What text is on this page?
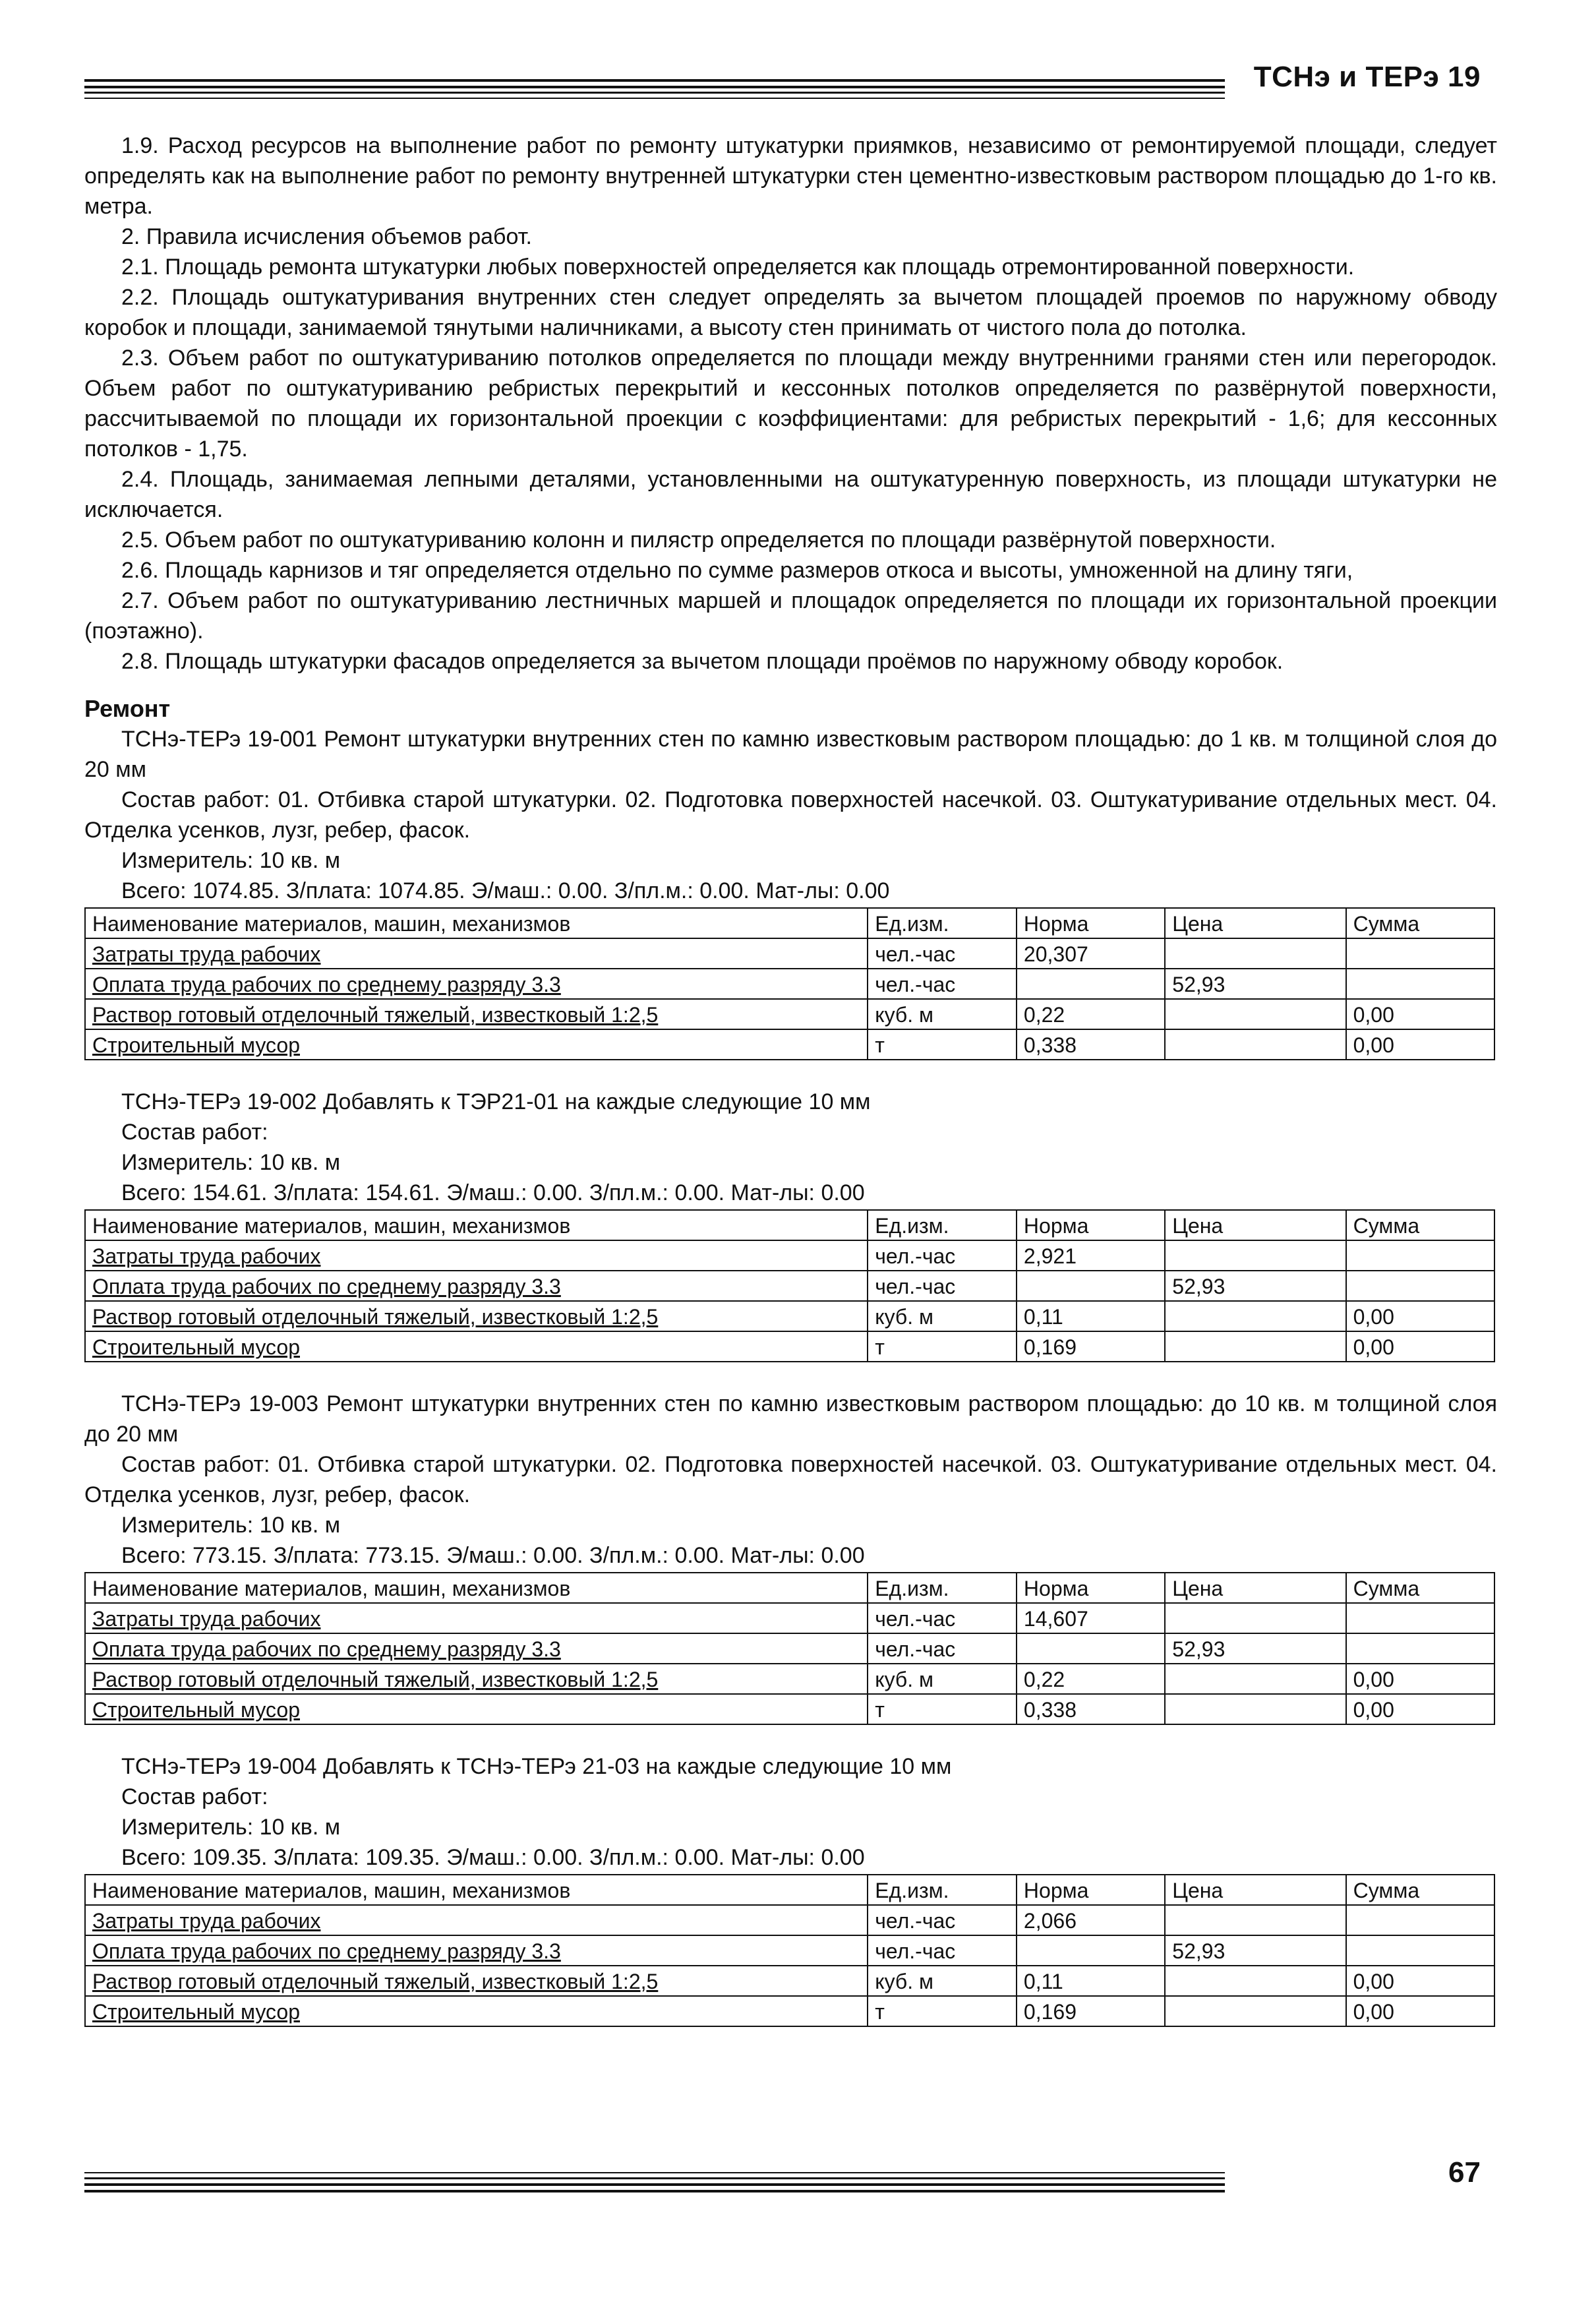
ТСНэ и ТЕРэ 19

1.9. Расход ресурсов на выполнение работ по ремонту штукатурки приямков, независимо от ремонтируемой площади, следует определять как на выполнение работ по ремонту внутренней штукатурки стен цементно-известковым раствором площадью до 1-го кв. метра.

2. Правила исчисления объемов работ.

2.1. Площадь ремонта штукатурки любых поверхностей определяется как площадь отремонтированной поверхности.

2.2. Площадь оштукатуривания внутренних стен следует определять за вычетом площадей проемов по наружному обводу коробок и площади, занимаемой тянутыми наличниками, а высоту стен принимать от чистого пола до потолка.

2.3. Объем работ по оштукатуриванию потолков определяется по площади между внутренними гранями стен или перегородок. Объем работ по оштукатуриванию ребристых перекрытий и кессонных потолков определяется по развёрнутой поверхности, рассчитываемой по площади их горизонтальной проекции с коэффициентами: для ребристых перекрытий - 1,6; для кессонных потолков - 1,75.

2.4. Площадь, занимаемая лепными деталями, установленными на оштукатуренную поверхность, из площади штукатурки не исключается.

2.5. Объем работ по оштукатуриванию колонн и пилястр определяется по площади развёрнутой поверхности.

2.6. Площадь карнизов и тяг определяется отдельно по сумме размеров откоса и высоты, умноженной на длину тяги,

2.7. Объем работ по оштукатуриванию лестничных маршей и площадок определяется по площади их горизонтальной проекции (поэтажно).

2.8. Площадь штукатурки фасадов определяется за вычетом площади проёмов по наружному обводу коробок.

Ремонт

ТСНэ-ТЕРэ 19-001 Ремонт штукатурки внутренних стен по камню известковым раствором площадью: до 1 кв. м толщиной слоя до 20 мм

Состав работ: 01. Отбивка старой штукатурки. 02. Подготовка поверхностей насечкой. 03. Оштукатуривание отдельных мест. 04. Отделка усенков, лузг, ребер, фасок.

Измеритель: 10 кв. м

Всего: 1074.85. З/плата: 1074.85. Э/маш.: 0.00. З/пл.м.: 0.00. Мат-лы: 0.00

Наименование материалов, машин, механизмов	Ед.изм.	Норма	Цена	Сумма
Затраты труда рабочих	чел.-час	20,307		
Оплата труда рабочих по среднему разряду 3.3	чел.-час		52,93	
Раствор готовый отделочный тяжелый, известковый 1:2,5	куб. м	0,22		0,00
Строительный мусор	т	0,338		0,00

ТСНэ-ТЕРэ 19-002 Добавлять к ТЭР21-01 на каждые следующие 10 мм

Состав работ:

Измеритель: 10 кв. м

Всего: 154.61. З/плата: 154.61. Э/маш.: 0.00. З/пл.м.: 0.00. Мат-лы: 0.00

Наименование материалов, машин, механизмов	Ед.изм.	Норма	Цена	Сумма
Затраты труда рабочих	чел.-час	2,921		
Оплата труда рабочих по среднему разряду 3.3	чел.-час		52,93	
Раствор готовый отделочный тяжелый, известковый 1:2,5	куб. м	0,11		0,00
Строительный мусор	т	0,169		0,00

ТСНэ-ТЕРэ 19-003 Ремонт штукатурки внутренних стен по камню известковым раствором площадью: до 10 кв. м толщиной слоя до 20 мм

Состав работ: 01. Отбивка старой штукатурки. 02. Подготовка поверхностей насечкой. 03. Оштукатуривание отдельных мест. 04. Отделка усенков, лузг, ребер, фасок.

Измеритель: 10 кв. м

Всего: 773.15. З/плата: 773.15. Э/маш.: 0.00. З/пл.м.: 0.00. Мат-лы: 0.00

Наименование материалов, машин, механизмов	Ед.изм.	Норма	Цена	Сумма
Затраты труда рабочих	чел.-час	14,607		
Оплата труда рабочих по среднему разряду 3.3	чел.-час		52,93	
Раствор готовый отделочный тяжелый, известковый 1:2,5	куб. м	0,22		0,00
Строительный мусор	т	0,338		0,00

ТСНэ-ТЕРэ 19-004 Добавлять к ТСНэ-ТЕРэ 21-03 на каждые следующие 10 мм

Состав работ:

Измеритель: 10 кв. м

Всего: 109.35. З/плата: 109.35. Э/маш.: 0.00. З/пл.м.: 0.00. Мат-лы: 0.00

Наименование материалов, машин, механизмов	Ед.изм.	Норма	Цена	Сумма
Затраты труда рабочих	чел.-час	2,066		
Оплата труда рабочих по среднему разряду 3.3	чел.-час		52,93	
Раствор готовый отделочный тяжелый, известковый 1:2,5	куб. м	0,11		0,00
Строительный мусор	т	0,169		0,00
67
